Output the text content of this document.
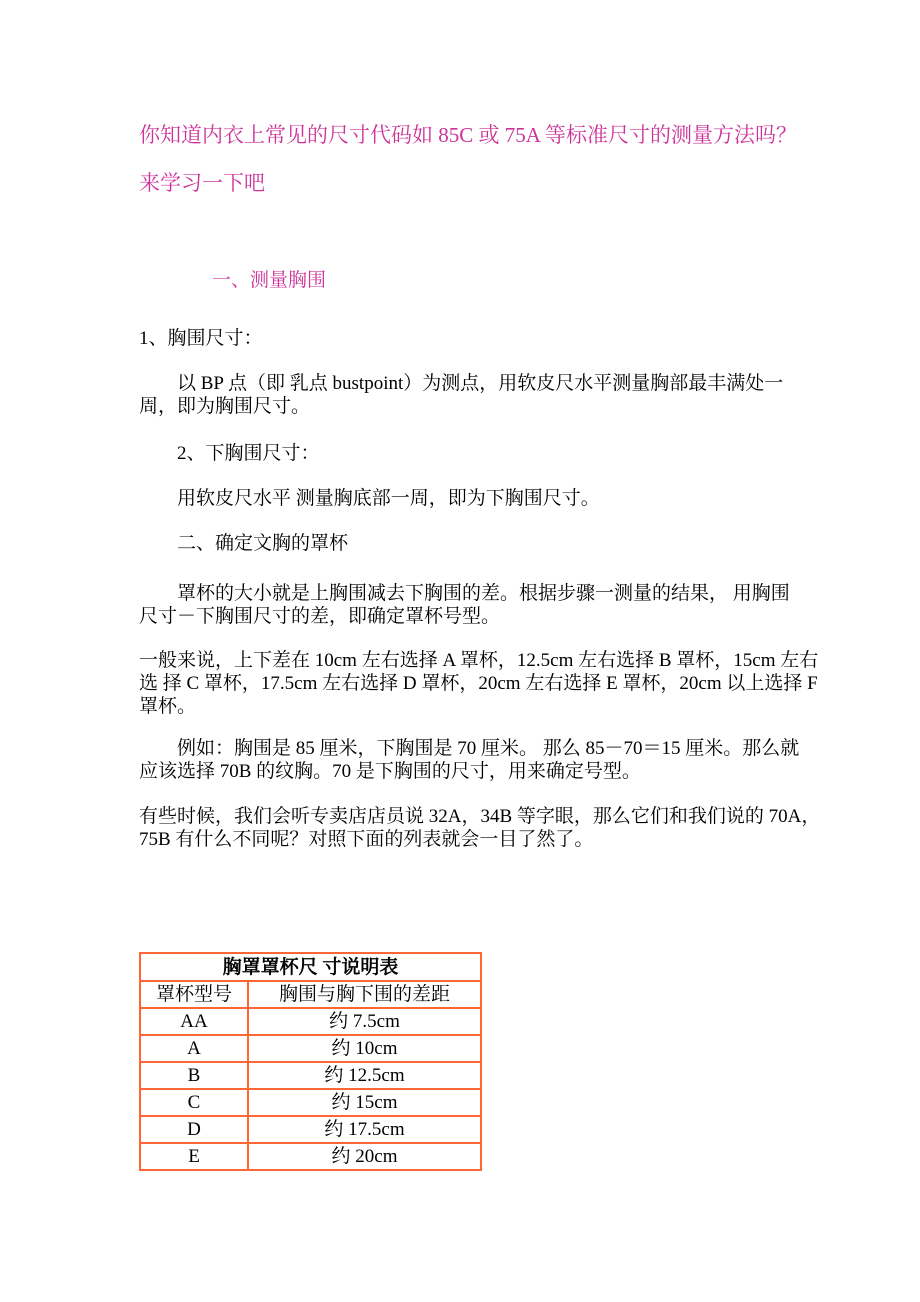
你知道内衣上常见的尺寸代码如 85C 或 75A 等标准尺寸的测量方法吗？
来学习一下吧
一、测量胸围
1、胸围尺寸：
以 BP 点（即 乳点 bustpoint）为测点，用软皮尺水平测量胸部最丰满处一
周，即为胸围尺寸。
2、下胸围尺寸：
用软皮尺水平 测量胸底部一周，即为下胸围尺寸。
二、确定文胸的罩杯
罩杯的大小就是上胸围减去下胸围的差。根据步骤一测量的结果， 用胸围
尺寸－下胸围尺寸的差，即确定罩杯号型。
一般来说，上下差在 10cm 左右选择 A 罩杯，12.5cm 左右选择 B 罩杯，15cm 左右
选 择 C 罩杯，17.5cm 左右选择 D 罩杯，20cm 左右选择 E 罩杯，20cm 以上选择 F
罩杯。
例如：胸围是 85 厘米，下胸围是 70 厘米。 那么 85－70＝15 厘米。那么就
应该选择 70B 的纹胸。70 是下胸围的尺寸，用来确定号型。
有些时候，我们会听专卖店店员说 32A，34B 等字眼，那么它们和我们说的 70A，
75B 有什么不同呢？对照下面的列表就会一目了然了。
胸罩罩杯尺 寸说明表	
罩杯型号	胸围与胸下围的差距
AA	约 7.5cm
A	约 10cm
B	约 12.5cm
C	约 15cm
D	约 17.5cm
E	约 20cm
